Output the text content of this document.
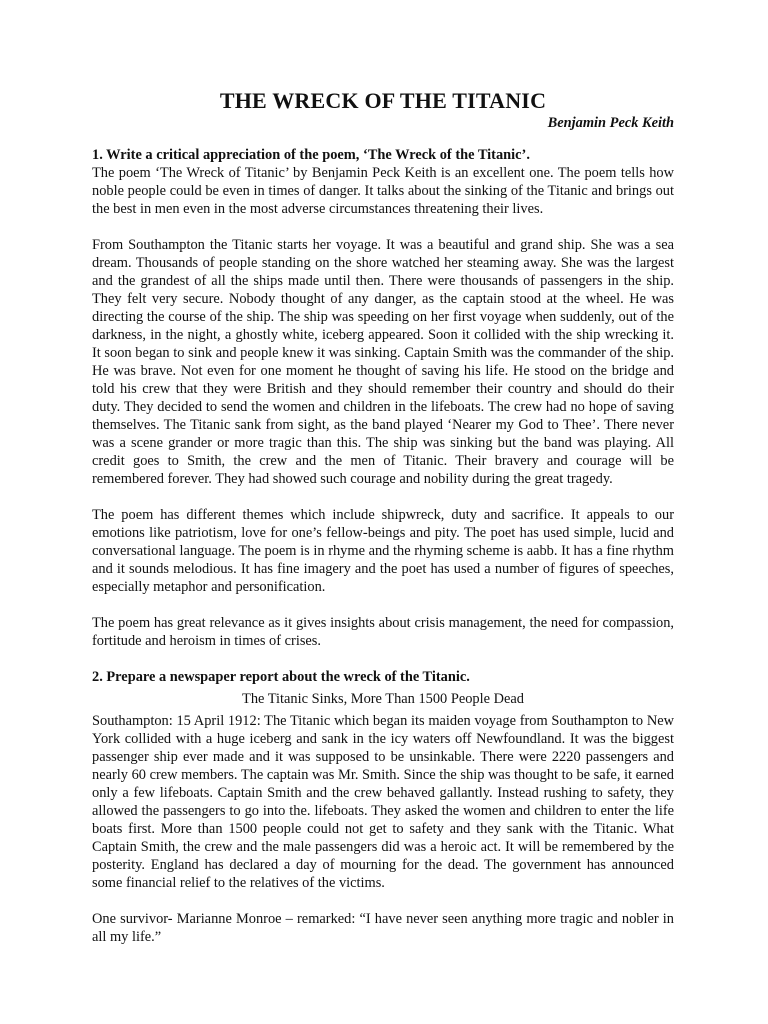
THE WRECK OF THE TITANIC
Benjamin Peck Keith
1. Write a critical appreciation of the poem, ‘The Wreck of the Titanic’.

The poem ‘The Wreck of Titanic’ by Benjamin Peck Keith is an excellent one. The poem tells how noble people could be even in times of danger. It talks about the sinking of the Titanic and brings out the best in men even in the most adverse circumstances threatening their lives.

From Southampton the Titanic starts her voyage. It was a beautiful and grand ship. She was a sea dream. Thousands of people standing on the shore watched her steaming away. She was the largest and the grandest of all the ships made until then. There were thousands of passengers in the ship. They felt very secure. Nobody thought of any danger, as the captain stood at the wheel. He was directing the course of the ship. The ship was speeding on her first voyage when suddenly, out of the darkness, in the night, a ghostly white, iceberg appeared. Soon it collided with the ship wrecking it. It soon began to sink and people knew it was sinking. Captain Smith was the commander of the ship. He was brave. Not even for one moment he thought of saving his life. He stood on the bridge and told his crew that they were British and they should remember their country and should do their duty. They decided to send the women and children in the lifeboats. The crew had no hope of saving themselves. The Titanic sank from sight, as the band played ‘Nearer my God to Thee’. There never was a scene grander or more tragic than this. The ship was sinking but the band was playing. All credit goes to Smith, the crew and the men of Titanic. Their bravery and courage will be remembered forever. They had showed such courage and nobility during the great tragedy.

The poem has different themes which include shipwreck, duty and sacrifice. It appeals to our emotions like patriotism, love for one’s fellow-beings and pity. The poet has used simple, lucid and conversational language. The poem is in rhyme and the rhyming scheme is aabb. It has a fine rhythm and it sounds melodious. It has fine imagery and the poet has used a number of figures of speeches, especially metaphor and personification.

The poem has great relevance as it gives insights about crisis management, the need for compassion, fortitude and heroism in times of crises.

2. Prepare a newspaper report about the wreck of the Titanic.
The Titanic Sinks, More Than 1500 People Dead

Southampton: 15 April 1912: The Titanic which began its maiden voyage from Southampton to New York collided with a huge iceberg and sank in the icy waters off Newfoundland. It was the biggest passenger ship ever made and it was supposed to be unsinkable. There were 2220 passengers and nearly 60 crew members. The captain was Mr. Smith. Since the ship was thought to be safe, it earned only a few lifeboats. Captain Smith and the crew behaved gallantly. Instead rushing to safety, they allowed the passengers to go into the. lifeboats. They asked the women and children to enter the life boats first. More than 1500 people could not get to safety and they sank with the Titanic. What Captain Smith, the crew and the male passengers did was a heroic act. It will be remembered by the posterity. England has declared a day of mourning for the dead. The government has announced some financial relief to the relatives of the victims.

One survivor- Marianne Monroe – remarked: “I have never seen anything more tragic and nobler in all my life.”
